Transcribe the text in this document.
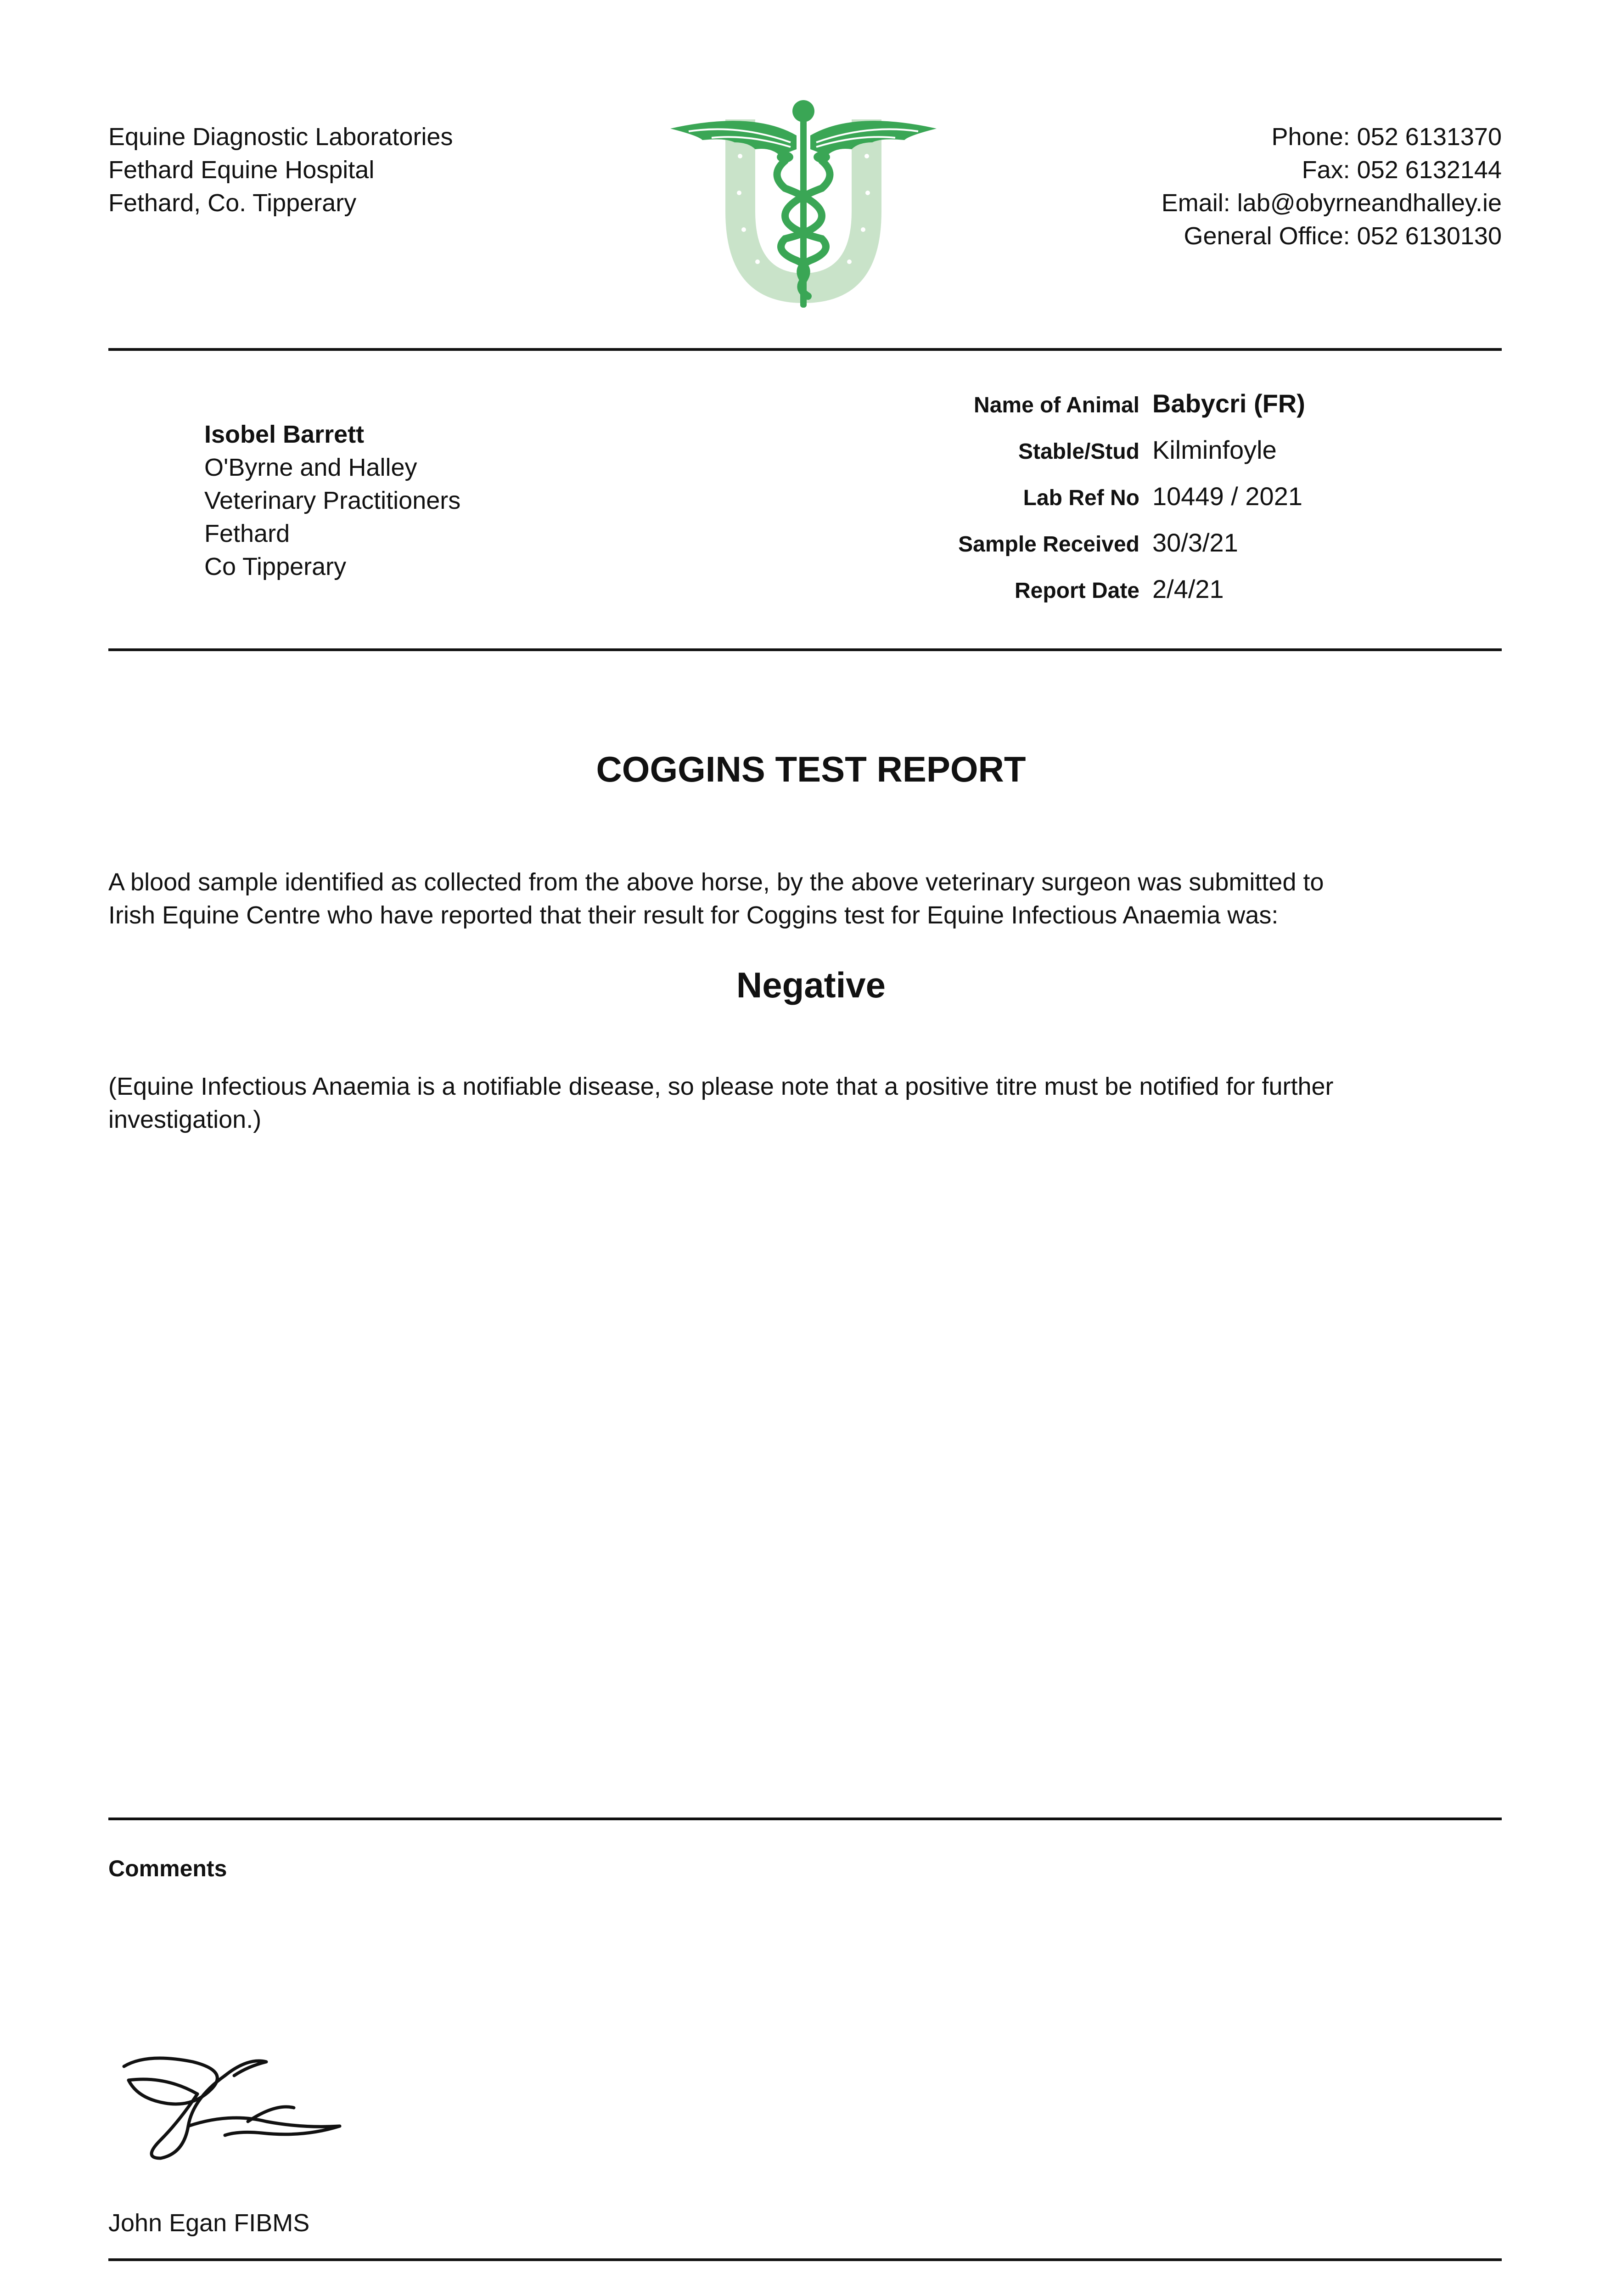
Equine Diagnostic Laboratories
Fethard Equine Hospital
Fethard, Co. Tipperary
Phone: 052 6131370
Fax: 052 6132144
Email: lab@obyrneandhalley.ie
General Office: 052 6130130
Isobel Barrett
O'Byrne and Halley
Veterinary Practitioners
Fethard
Co Tipperary
Name of Animal Babycri (FR)
Stable/Stud Kilminfoyle
Lab Ref No 10449 / 2021
Sample Received 30/3/21
Report Date 2/4/21
COGGINS TEST REPORT
A blood sample identified as collected from the above horse, by the above veterinary surgeon was submitted to
Irish Equine Centre who have reported that their result for Coggins test for Equine Infectious Anaemia was:
Negative
(Equine Infectious Anaemia is a notifiable disease, so please note that a positive titre must be notified for further
investigation.)
Comments
John Egan FIBMS
